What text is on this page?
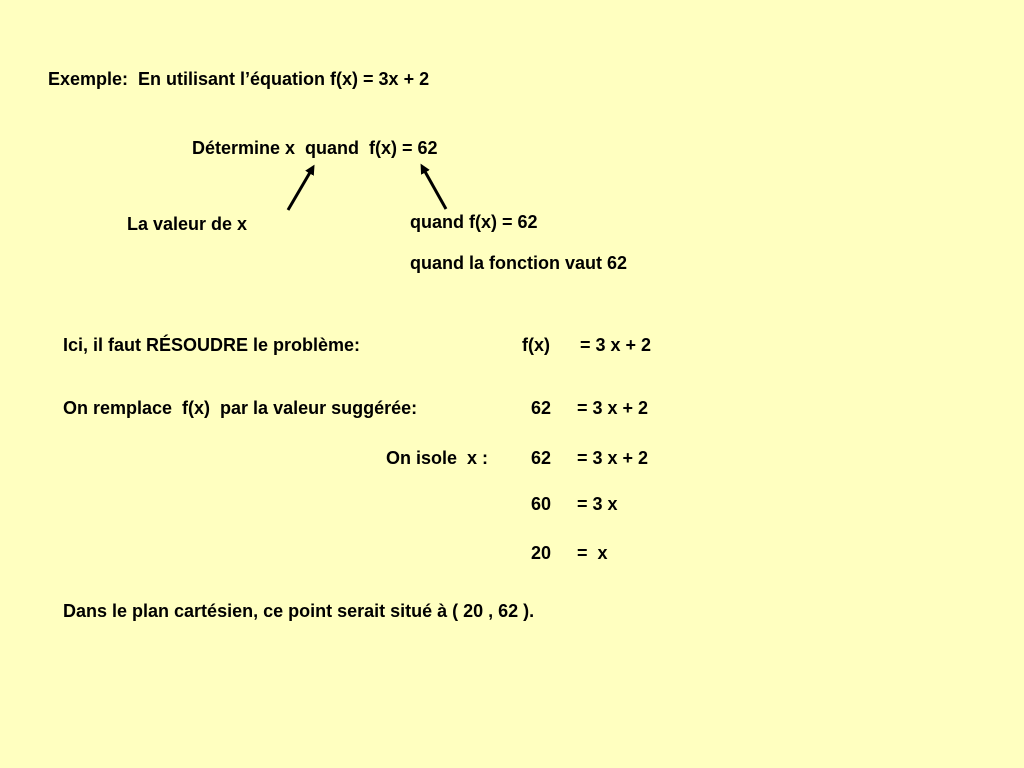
Exemple:  En utilisant l’équation f(x) = 3x + 2
Détermine x  quand  f(x) = 62
La valeur de x	quand f(x) = 62
quand la fonction vaut 62
Ici, il faut RÉSOUDRE le problème:	f(x) = 3 x + 2
On remplace  f(x)  par la valeur suggérée:	62 = 3 x + 2
On isole  x : 62 = 3 x + 2
60 = 3 x
20 =  x
Dans le plan cartésien, ce point serait situé à ( 20 , 62 ).
